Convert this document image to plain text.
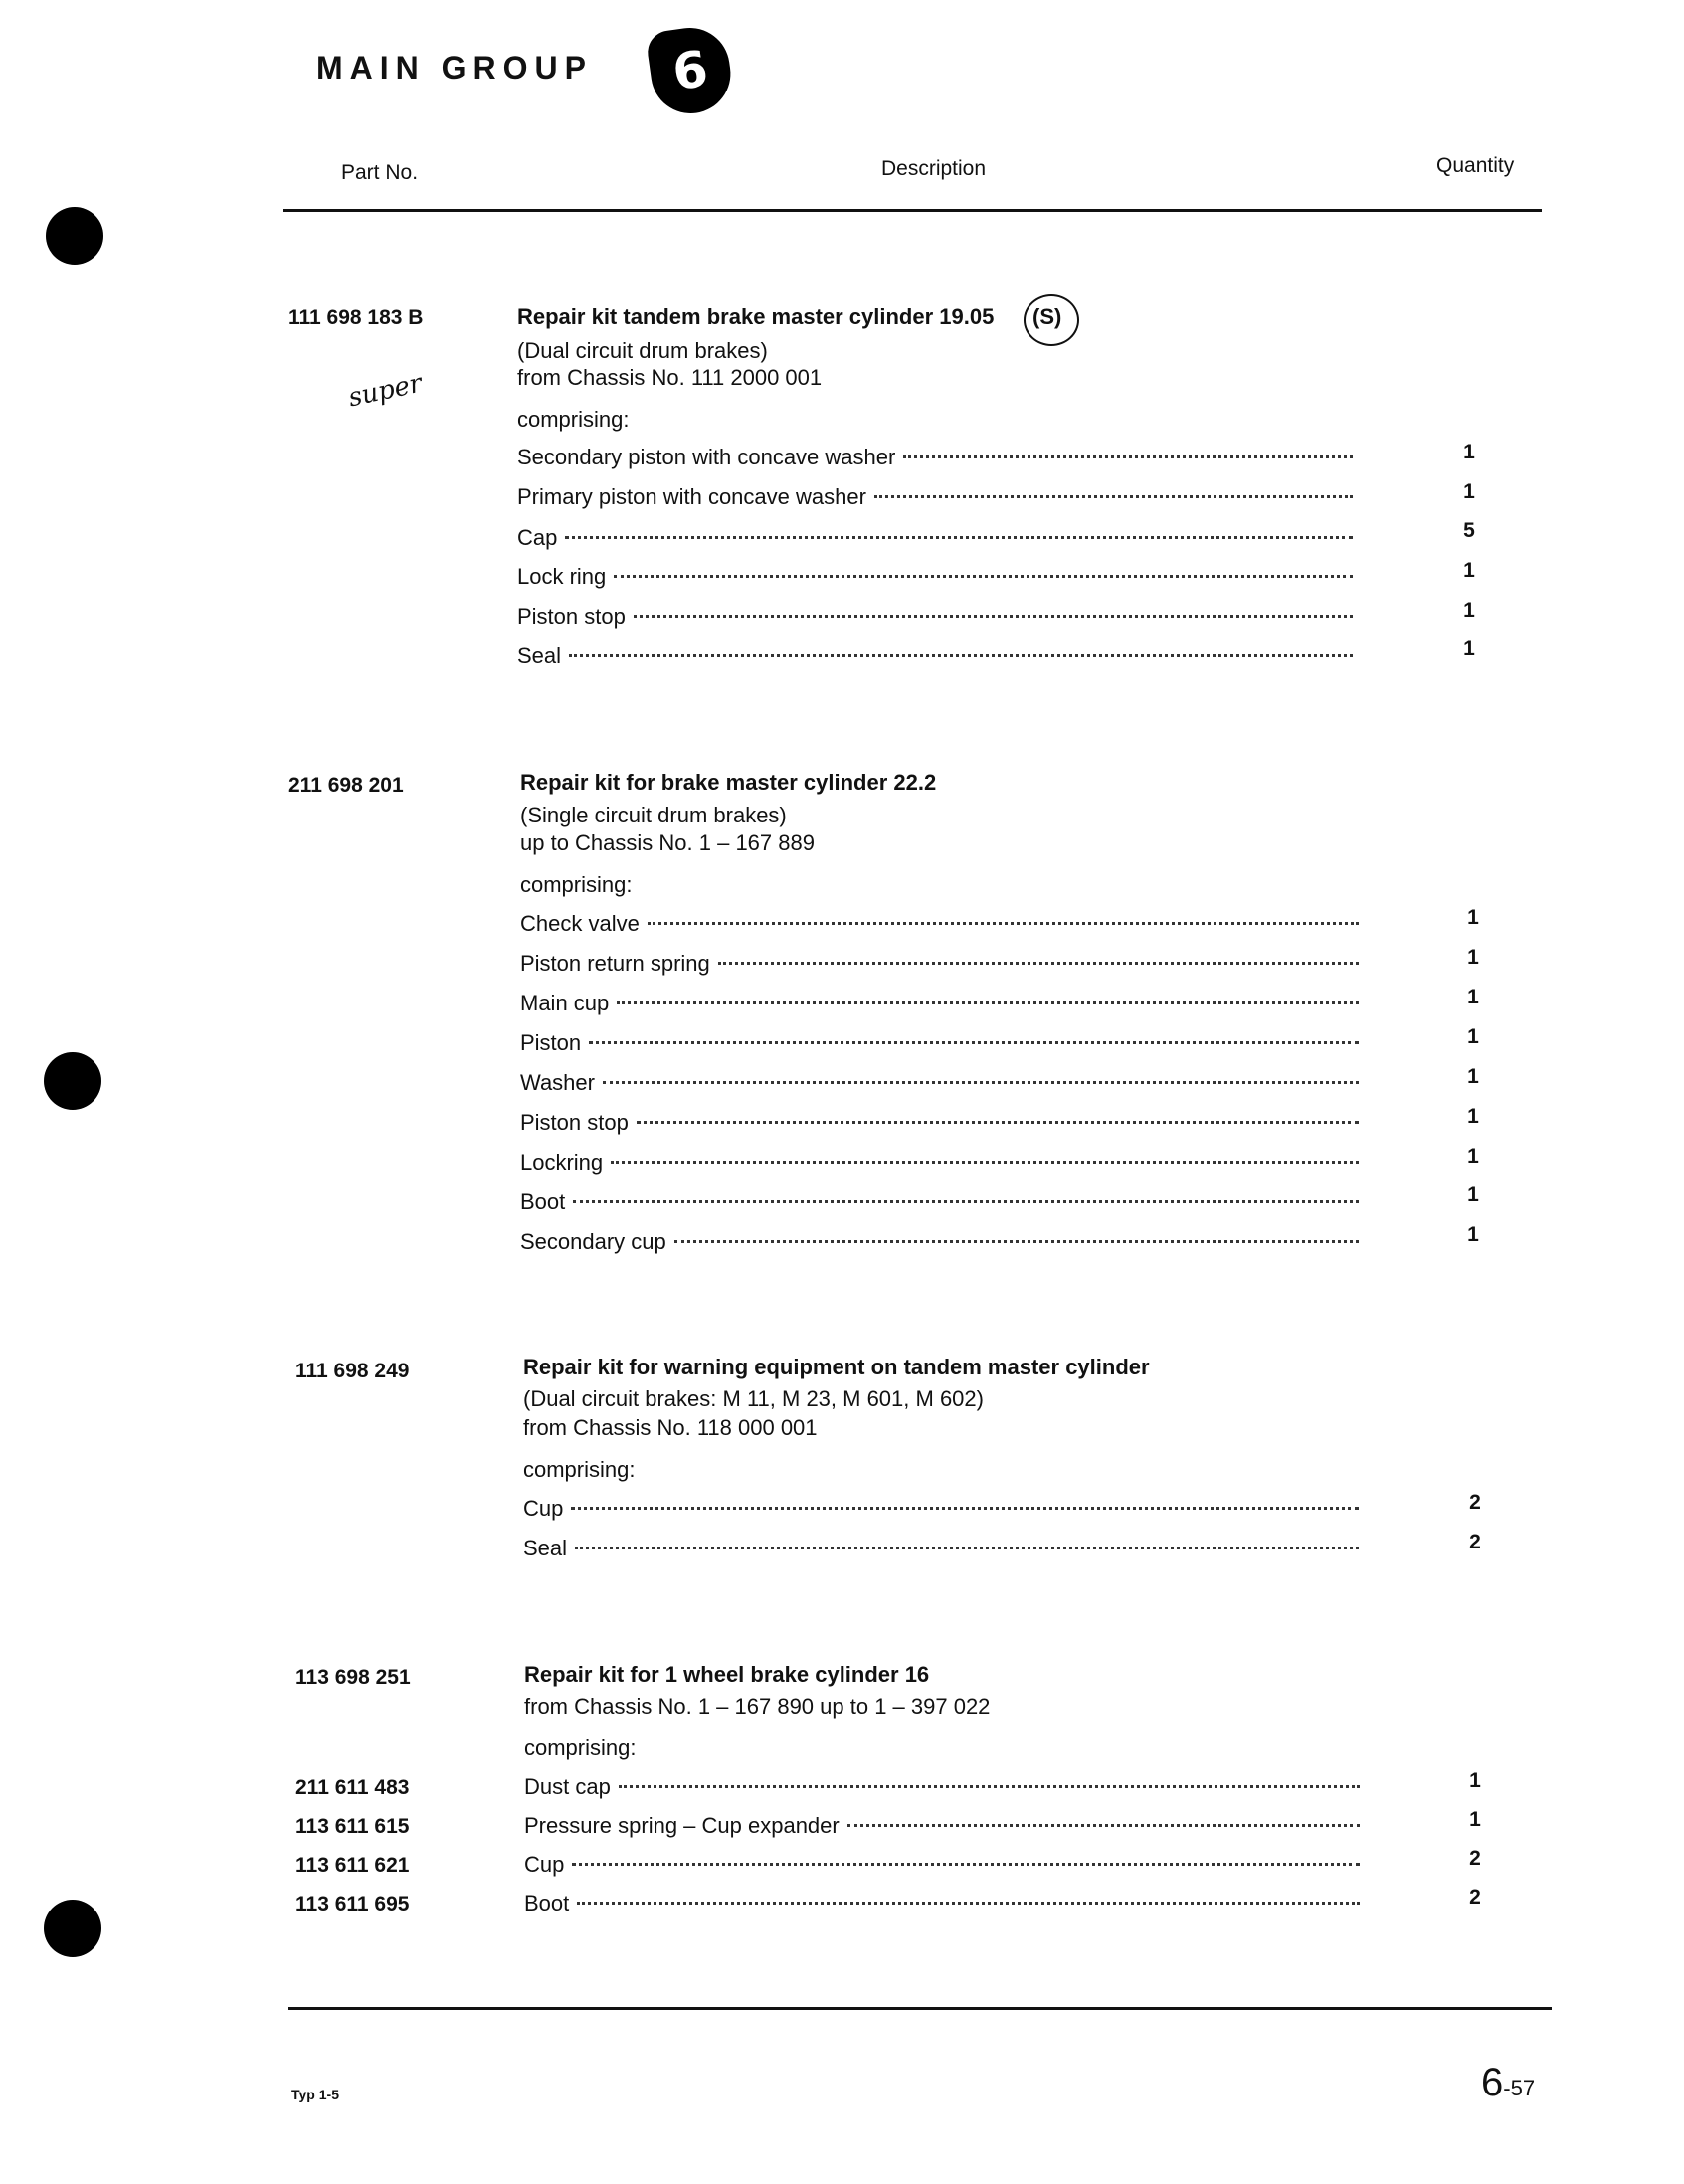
MAIN GROUP 6
Part No.	Description	Quantity
111 698 183 B	Repair kit tandem brake master cylinder 19.05 (S)
super
(Dual circuit drum brakes)
from Chassis No. 111 2000 001
comprising:
Secondary piston with concave washer	1
Primary piston with concave washer	1
Cap	5
Lock ring	1
Piston stop	1
Seal	1
211 698 201	Repair kit for brake master cylinder 22.2
(Single circuit drum brakes)
up to Chassis No. 1 – 167 889
comprising:
Check valve	1
Piston return spring	1
Main cup	1
Piston	1
Washer	1
Piston stop	1
Lockring	1
Boot	1
Secondary cup	1
111 698 249	Repair kit for warning equipment on tandem master cylinder
(Dual circuit brakes: M 11, M 23, M 601, M 602)
from Chassis No. 118 000 001
comprising:
Cup	2
Seal	2
113 698 251	Repair kit for 1 wheel brake cylinder 16
from Chassis No. 1 – 167 890 up to 1 – 397 022
comprising:
211 611 483	Dust cap	1
113 611 615	Pressure spring – Cup expander	1
113 611 621	Cup	2
113 611 695	Boot	2
Typ 1-5	6-57
